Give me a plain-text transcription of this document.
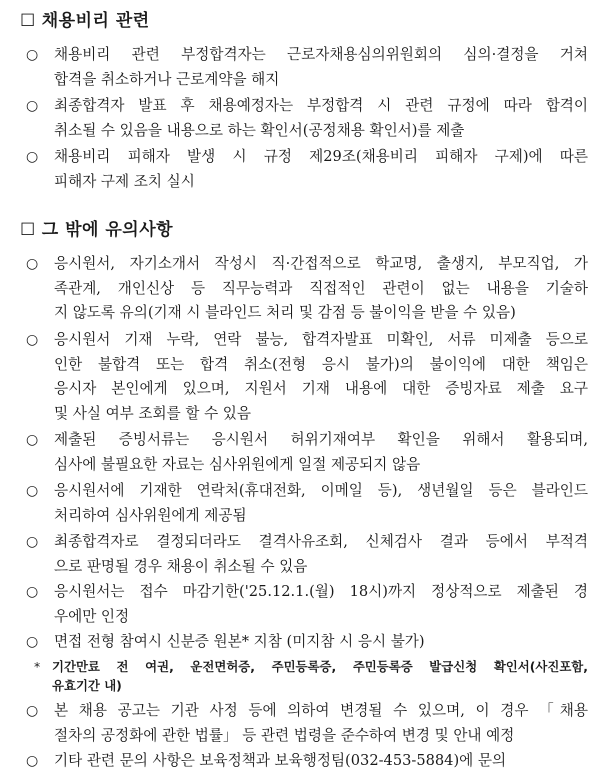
☐ 채용비리 관련
○	채용비리 관련 부정합격자는 근로자채용심의위원회의 심의·결정을 거쳐
합격을 취소하거나 근로계약을 해지
○	최종합격자 발표 후 채용예정자는 부정합격 시 관련 규정에 따라 합격이
취소될 수 있음을 내용으로 하는 확인서(공정채용 확인서)를 제출
○	채용비리 피해자 발생 시 규정 제29조(채용비리 피해자 구제)에 따른
피해자 구제 조치 실시
☐ 그 밖에 유의사항
○	응시원서, 자기소개서 작성시 직·간접적으로 학교명, 출생지, 부모직업, 가
족관계, 개인신상 등 직무능력과 직접적인 관련이 없는 내용을 기술하
지 않도록 유의(기재 시 블라인드 처리 및 감점 등 불이익을 받을 수 있음)
○	응시원서 기재 누락, 연락 불능, 합격자발표 미확인, 서류 미제출 등으로
인한 불합격 또는 합격 취소(전형 응시 불가)의 불이익에 대한 책임은
응시자 본인에게 있으며, 지원서 기재 내용에 대한 증빙자료 제출 요구
및 사실 여부 조회를 할 수 있음
○	제출된 증빙서류는 응시원서 허위기재여부 확인을 위해서 활용되며,
심사에 불필요한 자료는 심사위원에게 일절 제공되지 않음
○	응시원서에 기재한 연락처(휴대전화, 이메일 등), 생년월일 등은 블라인드
처리하여 심사위원에게 제공됨
○	최종합격자로 결정되더라도 결격사유조회, 신체검사 결과 등에서 부적격
으로 판명될 경우 채용이 취소될 수 있음
○	응시원서는 접수 마감기한('25.12.1.(월) 18시)까지 정상적으로 제출된 경
우에만 인정
○	면접 전형 참여시 신분증 원본* 지참 (미지참 시 응시 불가)
* 기간만료 전 여권, 운전면허증, 주민등록증, 주민등록증 발급신청 확인서(사진포함,
유효기간 내)
○	본 채용 공고는 기관 사정 등에 의하여 변경될 수 있으며, 이 경우 「채용
절차의 공정화에 관한 법률」 등 관련 법령을 준수하여 변경 및 안내 예정
○	기타 관련 문의 사항은 보육정책과 보육행정팀(032-453-5884)에 문의
